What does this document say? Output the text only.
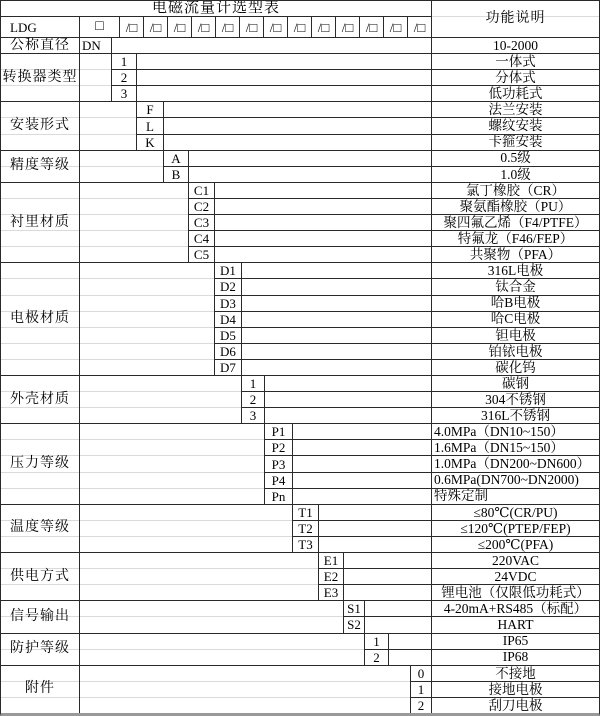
电磁流量计选型表
功能说明
LDG	□	/□ /□ /□ /□ /□ /□ /□ /□ /□ /□ /□ /□ /□
公称直径 DN	10-2000
转换器类型
1	一体式
2	分体式
3	低功耗式
安装形式
F	法兰安装
L	螺纹安装
K	卡箍安装
精度等级
A	0.5级
B	1.0级
衬里材质
C1	氯丁橡胶（CR）
C2	聚氨酯橡胶（PU）
C3	聚四氟乙烯（F4/PTFE）
C4	特氟龙（F46/FEP）
C5	共聚物（PFA）
电极材质
D1	316L电极
D2	钛合金
D3	哈B电极
D4	哈C电极
D5	钽电极
D6	铂铱电极
D7	碳化钨
外壳材质
1	碳钢
2	304不锈钢
3	316L不锈钢
压力等级
P1	4.0MPa（DN10~150）
P2	1.6MPa（DN15~150）
P3	1.0MPa（DN200~DN600）
P4	0.6MPa(DN700~DN2000)
Pn	特殊定制
温度等级
T1	≤80℃(CR/PU)
T2	≤120℃(PTEP/FEP)
T3	≤200℃(PFA)
供电方式
E1	220VAC
E2	24VDC
E3	锂电池（仅限低功耗式）
信号输出
S1	4-20mA+RS485（标配）
S2	HART
防护等级
1	IP65
2	IP68
附件
0	不接地
1	接地电极
2	刮刀电极
